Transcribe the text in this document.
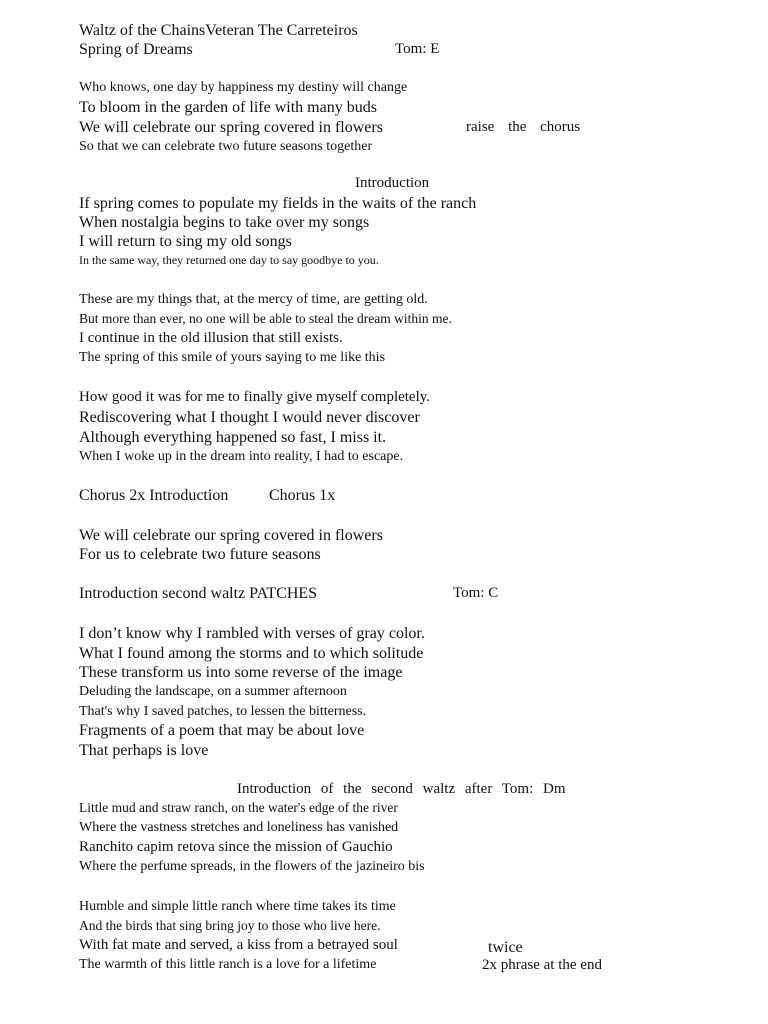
Waltz of the ChainsVeteran The Carreteiros
Spring of Dreams	Tom: E
Who knows, one day by happiness my destiny will change
To bloom in the garden of life with many buds
We will celebrate our spring covered in flowers
So that we can celebrate two future seasons together
raise the chorus
Introduction
If spring comes to populate my fields in the waits of the ranch
When nostalgia begins to take over my songs
I will return to sing my old songs
In the same way, they returned one day to say goodbye to you.
These are my things that, at the mercy of time, are getting old.
But more than ever, no one will be able to steal the dream within me.
I continue in the old illusion that still exists.
The spring of this smile of yours saying to me like this
How good it was for me to finally give myself completely.
Rediscovering what I thought I would never discover
Although everything happened so fast, I miss it.
When I woke up in the dream into reality, I had to escape.
Chorus 2x Introduction	Chorus 1x
We will celebrate our spring covered in flowers
For us to celebrate two future seasons
Introduction second waltz PATCHES	Tom: C
I don’t know why I rambled with verses of gray color.
What I found among the storms and to which solitude
These transform us into some reverse of the image
Deluding the landscape, on a summer afternoon
That's why I saved patches, to lessen the bitterness.
Fragments of a poem that may be about love
That perhaps is love
Introduction of the second waltz after Tom: Dm
Little mud and straw ranch, on the water's edge of the river
Where the vastness stretches and loneliness has vanished
Ranchito capim retova since the mission of Gauchio
Where the perfume spreads, in the flowers of the jazineiro bis
Humble and simple little ranch where time takes its time
And the birds that sing bring joy to those who live here.
With fat mate and served, a kiss from a betrayed soul
The warmth of this little ranch is a love for a lifetime
twice
2x phrase at the end
